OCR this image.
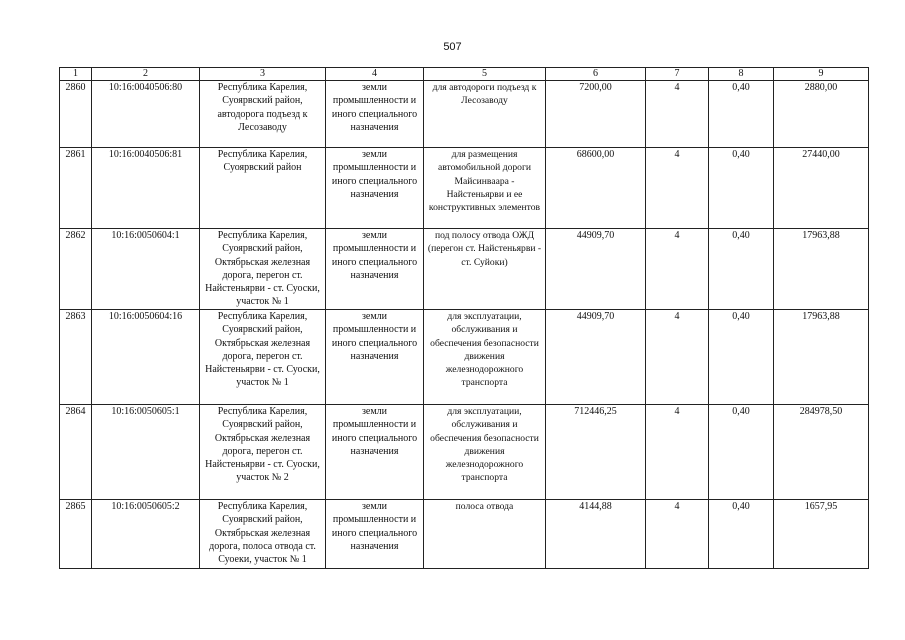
507
1	2	3	4	5	6	7	8	9
2860	10:16:0040506:80	Республика Карелия, Суоярвский район, автодорога подъезд к Лесозаводу	земли промышленности и иного специального назначения	для автодороги подъезд к Лесозаводу	7200,00	4	0,40	2880,00
2861	10:16:0040506:81	Республика Карелия, Суоярвский район	земли промышленности и иного специального назначения	для размещения автомобильной дороги Майсинваара - Найстеньярви и ее конструктивных элементов	68600,00	4	0,40	27440,00
2862	10:16:0050604:1	Республика Карелия, Суоярвский район, Октябрьская железная дорога, перегон ст. Найстеньярви - ст. Суоски, участок № 1	земли промышленности и иного специального назначения	под полосу отвода ОЖД (перегон ст. Найстеньярви - ст. Суйоки)	44909,70	4	0,40	17963,88
2863	10:16:0050604:16	Республика Карелия, Суоярвский район, Октябрьская железная дорога, перегон ст. Найстеньярви - ст. Суоски, участок № 1	земли промышленности и иного специального назначения	для эксплуатации, обслуживания и обеспечения безопасности движения железнодорожного транспорта	44909,70	4	0,40	17963,88
2864	10:16:0050605:1	Республика Карелия, Суоярвский район, Октябрьская железная дорога, перегон ст. Найстеньярви - ст. Суоски, участок № 2	земли промышленности и иного специального назначения	для эксплуатации, обслуживания и обеспечения безопасности движения железнодорожного транспорта	712446,25	4	0,40	284978,50
2865	10:16:0050605:2	Республика Карелия, Суоярвский район, Октябрьская железная дорога, полоса отвода ст. Суоеки, участок № 1	земли промышленности и иного специального назначения	полоса отвода	4144,88	4	0,40	1657,95
